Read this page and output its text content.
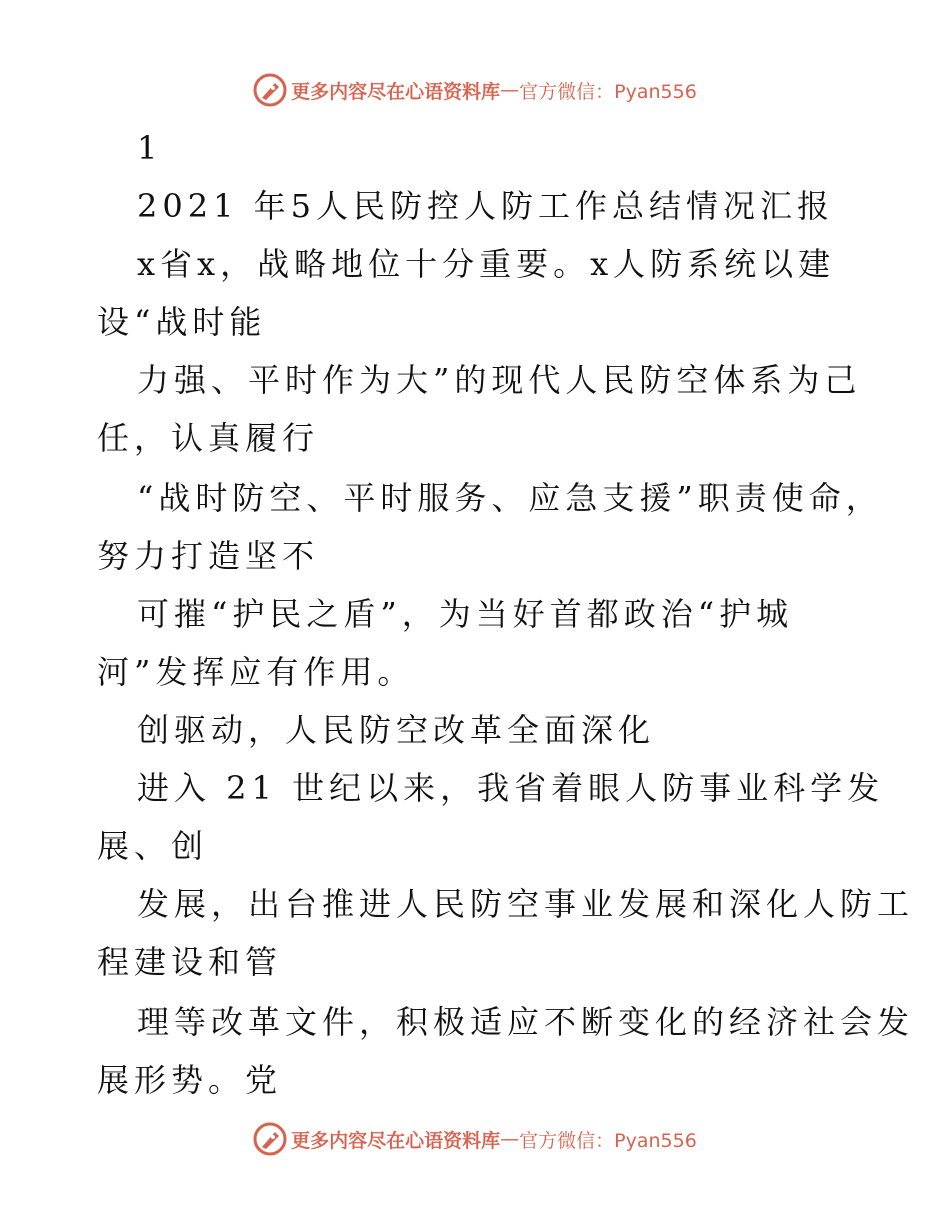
更多内容尽在心语资料库 — 官方微信：Pyan556
1
2021 年5人民防控人防工作总结情况汇报
x省x，战略地位十分重要。x人防系统以建
设“战时能
力强、平时作为大”的现代人民防空体系为己
任，认真履行
“战时防空、平时服务、应急支援”职责使命，
努力打造坚不
可摧“护民之盾”，为当好首都政治“护城
河”发挥应有作用。
创驱动，人民防空改革全面深化
进入 21 世纪以来，我省着眼人防事业科学发
展、创
发展，出台推进人民防空事业发展和深化人防工
程建设和管
理等改革文件，积极适应不断变化的经济社会发
展形势。党
更多内容尽在心语资料库 — 官方微信：Pyan556
